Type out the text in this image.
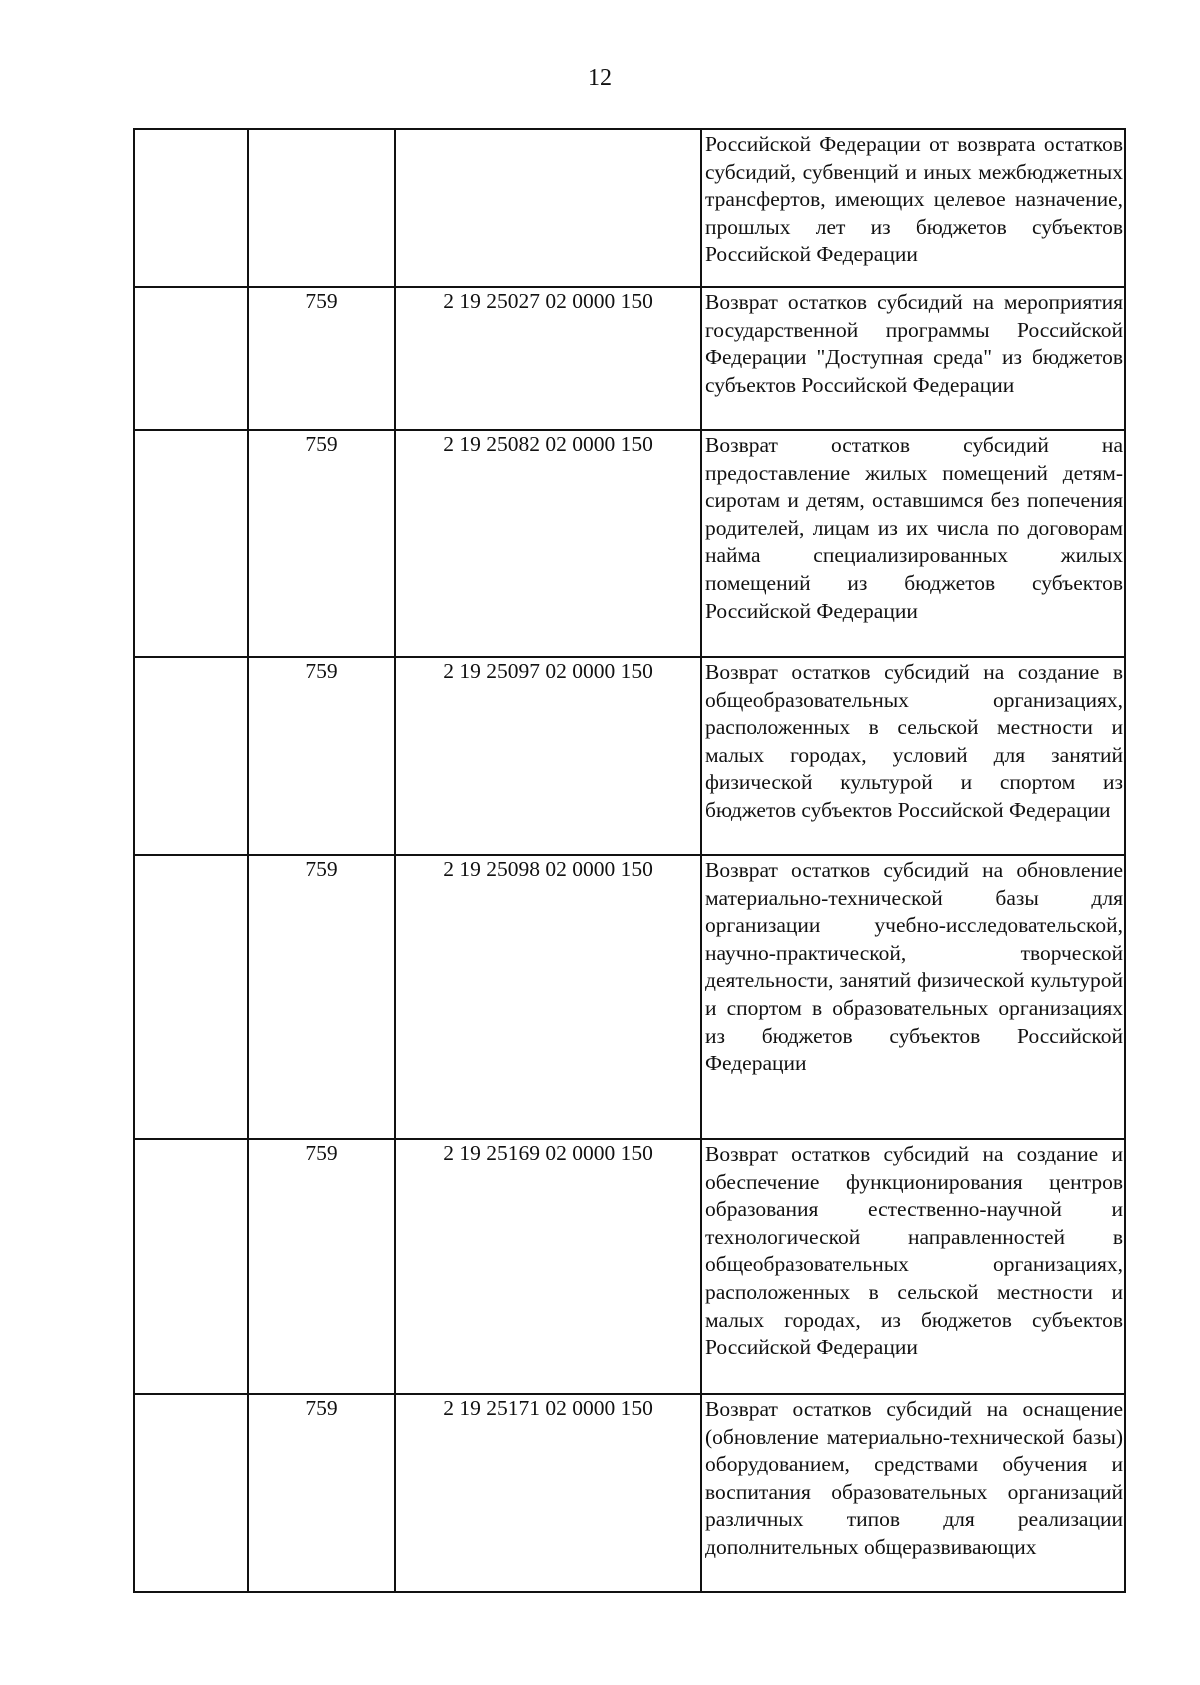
12
			Российской Федерации от возврата остатков субсидий, субвенций и иных межбюджетных трансфертов, имеющих целевое назначение, прошлых лет из бюджетов субъектов Российской Федерации
	759	2 19 25027 02 0000 150	Возврат остатков субсидий на мероприятия государственной программы Российской Федерации "Доступная среда" из бюджетов субъектов Российской Федерации
	759	2 19 25082 02 0000 150	Возврат остатков субсидий на предоставление жилых помещений детям-сиротам и детям, оставшимся без попечения родителей, лицам из их числа по договорам найма специализированных жилых помещений из бюджетов субъектов Российской Федерации
	759	2 19 25097 02 0000 150	Возврат остатков субсидий на создание в общеобразовательных организациях, расположенных в сельской местности и малых городах, условий для занятий физической культурой и спортом из бюджетов субъектов Российской Федерации
	759	2 19 25098 02 0000 150	Возврат остатков субсидий на обновление материально-технической базы для организации учебно-исследовательской, научно-практической, творческой деятельности, занятий физической культурой и спортом в образовательных организациях из бюджетов субъектов Российской Федерации
	759	2 19 25169 02 0000 150	Возврат остатков субсидий на создание и обеспечение функционирования центров образования естественно-научной и технологической направленностей в общеобразовательных организациях, расположенных в сельской местности и малых городах, из бюджетов субъектов Российской Федерации
	759	2 19 25171 02 0000 150	Возврат остатков субсидий на оснащение (обновление материально-технической базы) оборудованием, средствами обучения и воспитания образовательных организаций различных типов для реализации дополнительных общеразвивающих
